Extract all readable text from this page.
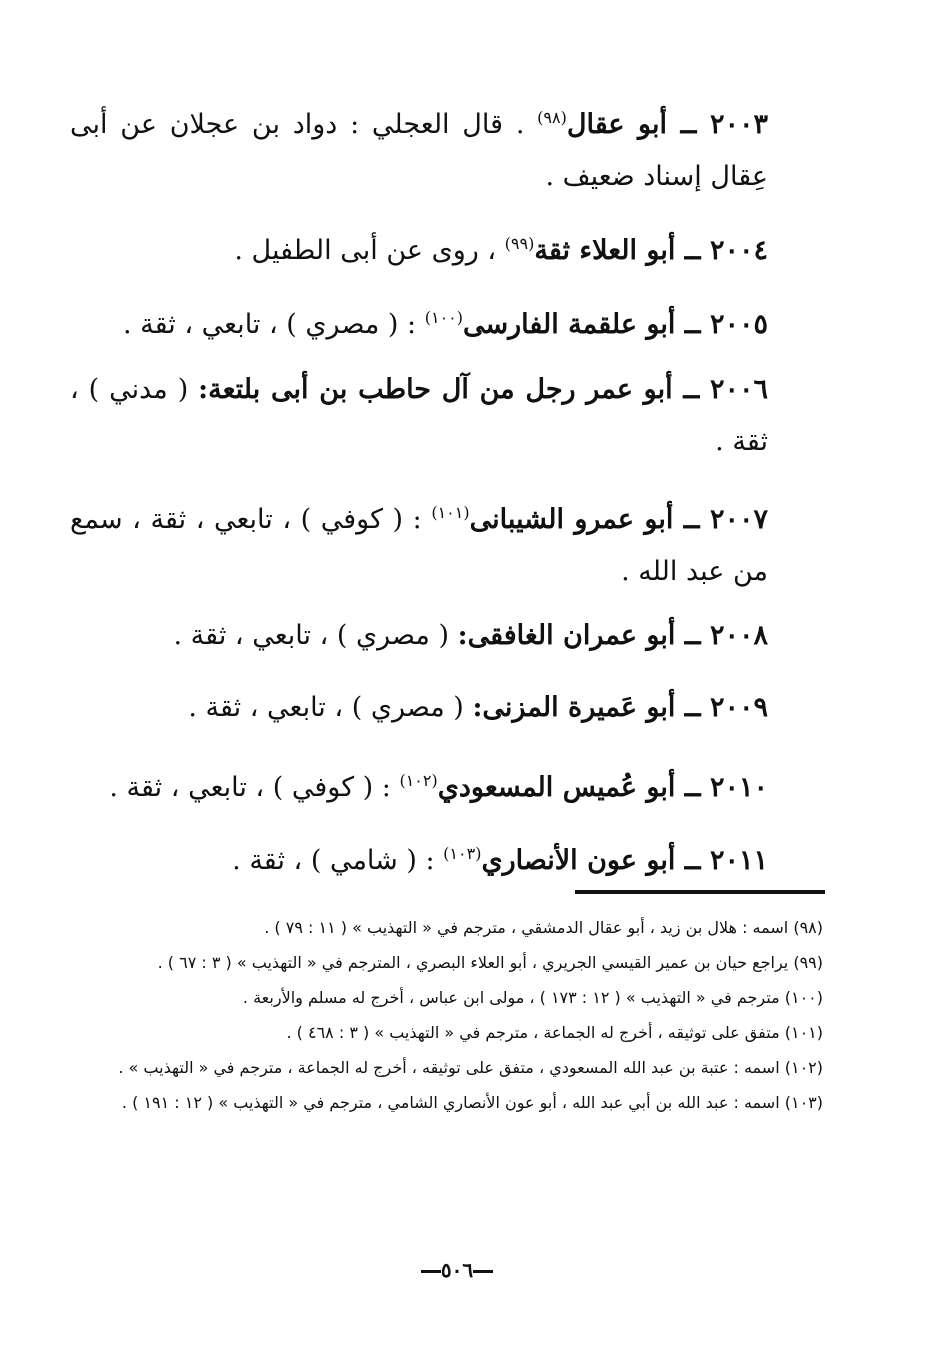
٢٠٠٣ ــ أبو عقال$^{(٩٨)}$ . قال العجلي : دواد بن عجلان عن أبى عِقال إسناد ضعيف .
٢٠٠٤ ــ أبو العلاء ثقة$^{(٩٩)}$ ، روى عن أبى الطفيل .
٢٠٠٥ ــ أبو علقمة الفارسى$^{(١٠٠)}$ : ( مصري ) ، تابعي ، ثقة .
٢٠٠٦ ــ أبو عمر رجل من آل حاطب بن أبى بلتعة: ( مدني ) ، ثقة .
٢٠٠٧ ــ أبو عمرو الشيبانى$^{(١٠١)}$ : ( كوفي ) ، تابعي ، ثقة ، سمع من عبد الله .
٢٠٠٨ ــ أبو عمران الغافقى: ( مصري ) ، تابعي ، ثقة .
٢٠٠٩ ــ أبو عَميرة المزنى: ( مصري ) ، تابعي ، ثقة .
٢٠١٠ ــ أبو عُميس المسعودي$^{(١٠٢)}$ : ( كوفي ) ، تابعي ، ثقة .
٢٠١١ ــ أبو عون الأنصاري$^{(١٠٣)}$ : ( شامي ) ، ثقة .
(٩٨) اسمه : هلال بن زيد ، أبو عقال الدمشقي ، مترجم في « التهذيب » ( ١١ : ٧٩ ) .
(٩٩) يراجع حيان بن عمير القيسي الجريري ، أبو العلاء البصري ، المترجم في « التهذيب » ( ٣ : ٦٧ ) .
(١٠٠) مترجم في « التهذيب » ( ١٢ : ١٧٣ ) ، مولى ابن عباس ، أخرج له مسلم والأربعة .
(١٠١) متفق على توثيقه ، أخرج له الجماعة ، مترجم في « التهذيب » ( ٣ : ٤٦٨ ) .
(١٠٢) اسمه : عتبة بن عبد الله المسعودي ، متفق على توثيقه ، أخرج له الجماعة ، مترجم في « التهذيب » .
(١٠٣) اسمه : عبد الله بن أبي عبد الله ، أبو عون الأنصاري الشامي ، مترجم في « التهذيب » ( ١٢ : ١٩١ ) .
٥٠٦
